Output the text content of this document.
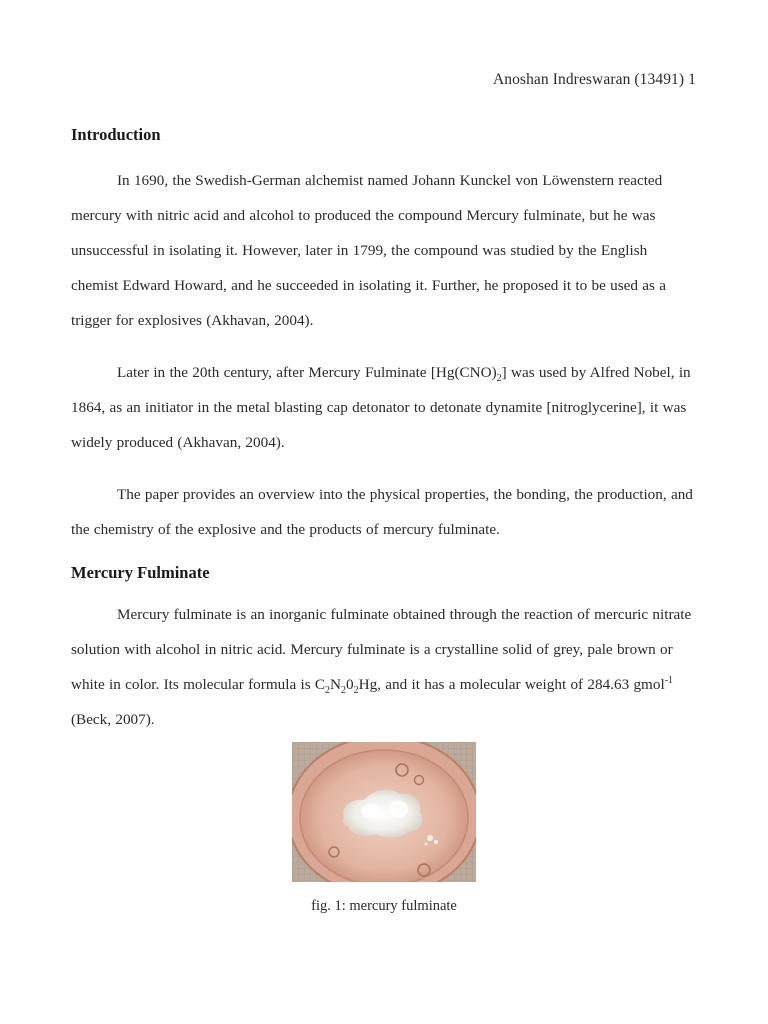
Anoshan Indreswaran (13491) 1
Introduction

In 1690, the Swedish-German alchemist named Johann Kunckel von Löwenstern reacted mercury with nitric acid and alcohol to produced the compound Mercury fulminate, but he was unsuccessful in isolating it. However, later in 1799, the compound was studied by the English chemist Edward Howard, and he succeeded in isolating it. Further, he proposed it to be used as a trigger for explosives (Akhavan, 2004).

Later in the 20th century, after Mercury Fulminate $[Hg(CNO)_2]$ was used by Alfred Nobel, in 1864, as an initiator in the metal blasting cap detonator to detonate dynamite [nitroglycerine], it was widely produced (Akhavan, 2004).

The paper provides an overview into the physical properties, the bonding, the production, and the chemistry of the explosive and the products of mercury fulminate.

Mercury Fulminate

Mercury fulminate is an inorganic fulminate obtained through the reaction of mercuric nitrate solution with alcohol in nitric acid. Mercury fulminate is a crystalline solid of grey, pale brown or white in color. Its molecular formula is $C_2N_20_2Hg$, and it has a molecular weight of 284.63 gmol$^{-1}$ (Beck, 2007).

fig. 1: mercury fulminate
